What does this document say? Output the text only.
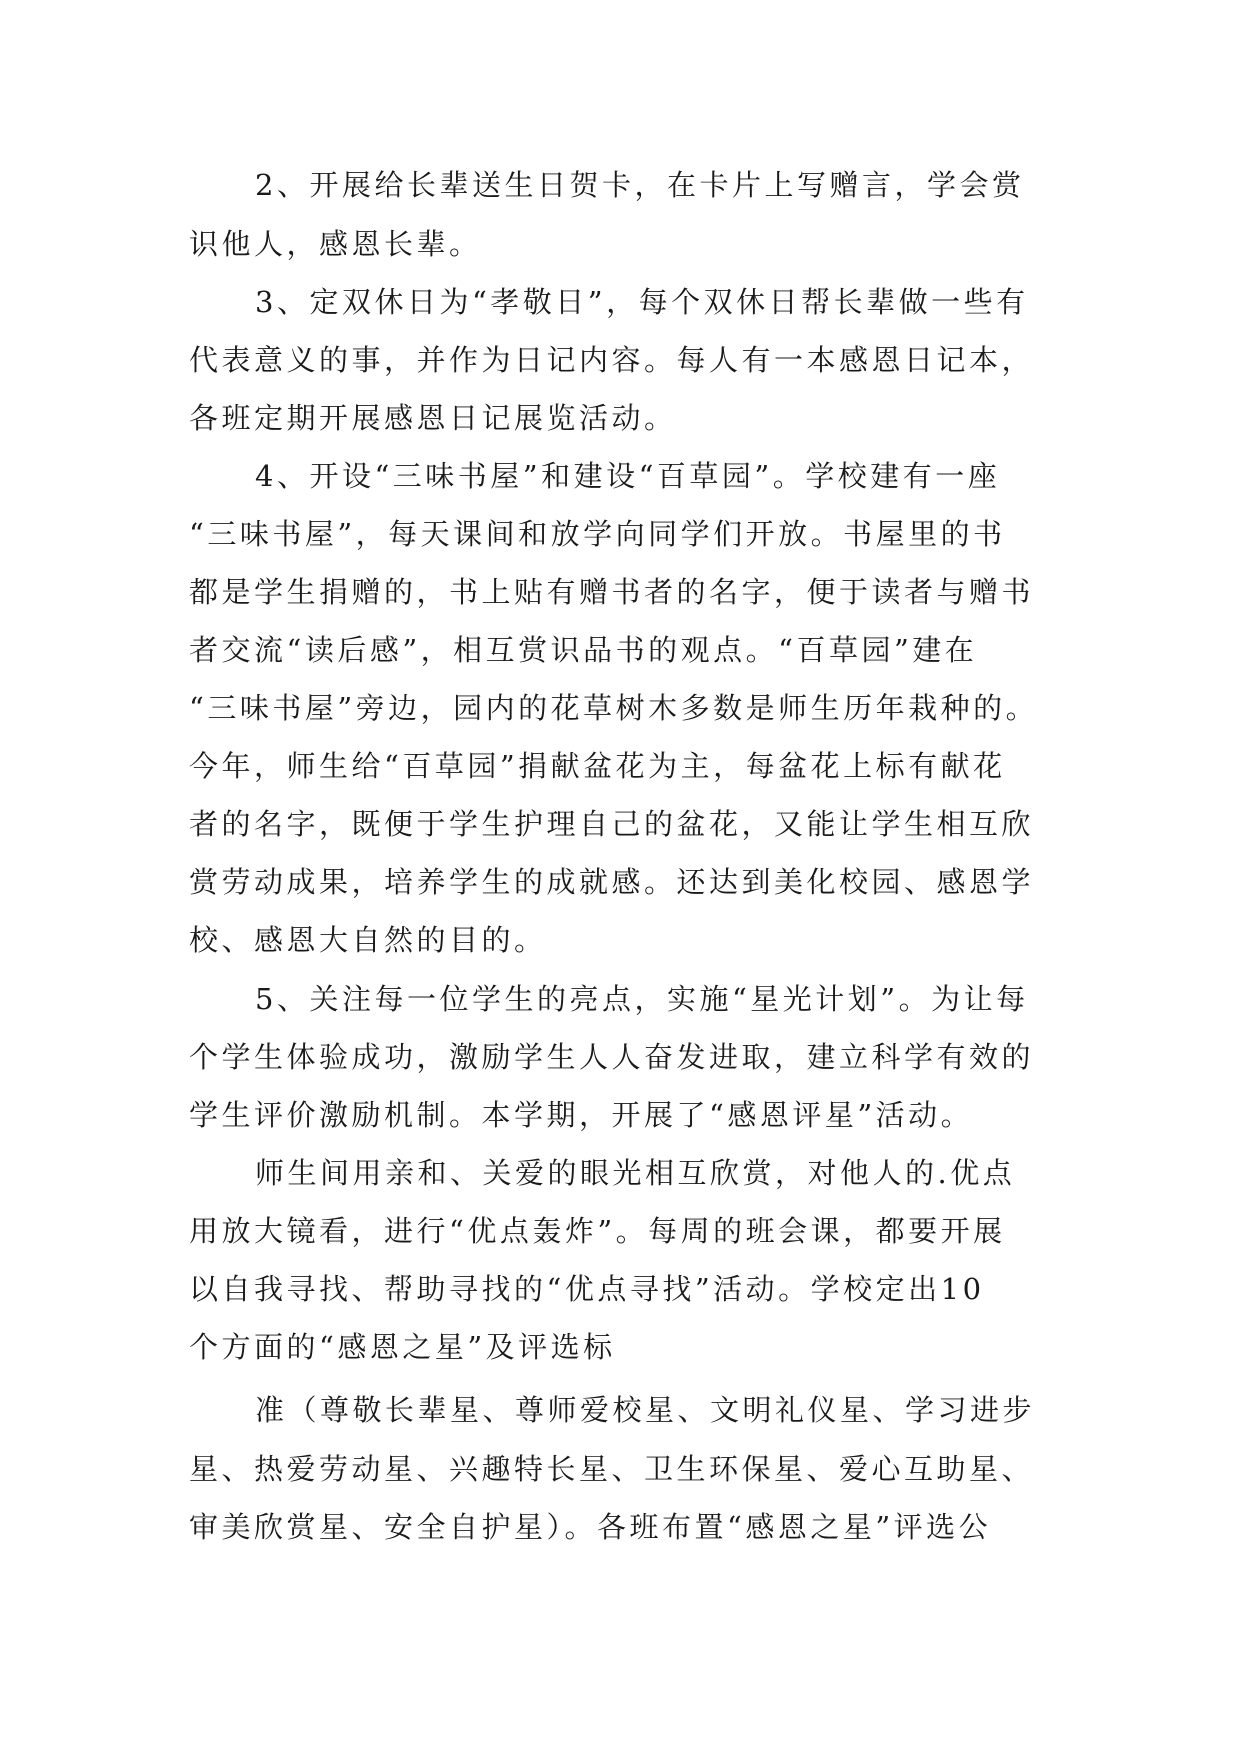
2、开展给长辈送生日贺卡，在卡片上写赠言，学会赏
识他人，感恩长辈。
3、定双休日为“孝敬日”，每个双休日帮长辈做一些有
代表意义的事，并作为日记内容。每人有一本感恩日记本，
各班定期开展感恩日记展览活动。
4、开设“三味书屋”和建设“百草园”。学校建有一座
“三味书屋”，每天课间和放学向同学们开放。书屋里的书
都是学生捐赠的，书上贴有赠书者的名字，便于读者与赠书
者交流“读后感”，相互赏识品书的观点。“百草园”建在
“三味书屋”旁边，园内的花草树木多数是师生历年栽种的。
今年，师生给“百草园”捐献盆花为主，每盆花上标有献花
者的名字，既便于学生护理自己的盆花，又能让学生相互欣
赏劳动成果，培养学生的成就感。还达到美化校园、感恩学
校、感恩大自然的目的。
5、关注每一位学生的亮点，实施“星光计划”。为让每
个学生体验成功，激励学生人人奋发进取，建立科学有效的
学生评价激励机制。本学期，开展了“感恩评星”活动。
师生间用亲和、关爱的眼光相互欣赏，对他人的.优点
用放大镜看，进行“优点轰炸”。每周的班会课，都要开展
以自我寻找、帮助寻找的“优点寻找”活动。学校定出10
个方面的“感恩之星”及评选标
准（尊敬长辈星、尊师爱校星、文明礼仪星、学习进步
星、热爱劳动星、兴趣特长星、卫生环保星、爱心互助星、
审美欣赏星、安全自护星）。各班布置“感恩之星”评选公
